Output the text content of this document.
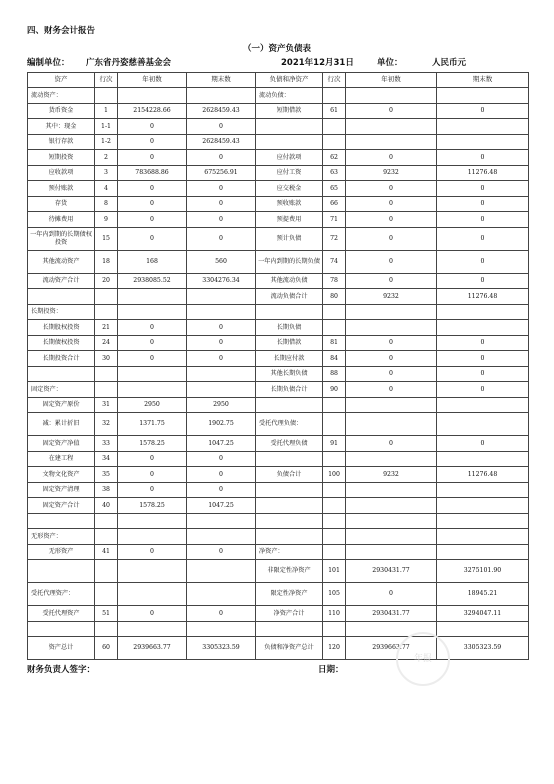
四、财务会计报告
（一）资产负债表
编制单位： 广东省丹姿慈善基金会	2021年12月31日	单位：	人民币元
资产	行次	年初数	期末数	负债和净资产	行次	年初数	期末数
流动资产：				流动负债：			
货币资金	1	2154228.66	2628459.43	短期借款	61	0	0
其中：现金	1-1	0	0				
银行存款	1-2	0	2628459.43				
短期投资	2	0	0	应付款项	62	0	0
应收款项	3	783688.86	675256.91	应付工资	63	9232	11276.48
预付账款	4	0	0	应交税金	65	0	0
存货	8	0	0	预收账款	66	0	0
待摊费用	9	0	0	预提费用	71	0	0
一年内到期的长期债权投资	15	0	0	预计负债	72	0	0
其他流动资产	18	168	560	一年内到期的长期负债	74	0	0
流动资产合计	20	2938085.52	3304276.34	其他流动负债	78	0	0
				流动负债合计	80	9232	11276.48
长期投资：							
长期股权投资	21	0	0	长期负债			
长期债权投资	24	0	0	长期借款	81	0	0
长期投资合计	30	0	0	长期应付款	84	0	0
				其他长期负债	88	0	0
固定资产：				长期负债合计	90	0	0
固定资产原价	31	2950	2950				
减：累计折旧	32	1371.75	1902.75	受托代理负债：			
固定资产净值	33	1578.25	1047.25	受托代理负债	91	0	0
在建工程	34	0	0				
文物文化资产	35	0	0	负债合计	100	9232	11276.48
固定资产清理	38	0	0				
固定资产合计	40	1578.25	1047.25				

无形资产：							
无形资产	41	0	0	净资产：			
				非限定性净资产	101	2930431.77	3275101.90
受托代理资产：				限定性净资产	105	0	18945.21
受托代理资产	51	0	0	净资产合计	110	2930431.77	3294047.11

资产总计	60	2939663.77	3305323.59	负债和净资产总计	120	2939663.77	3305323.59
财务负责人签字：	日期：
年报
